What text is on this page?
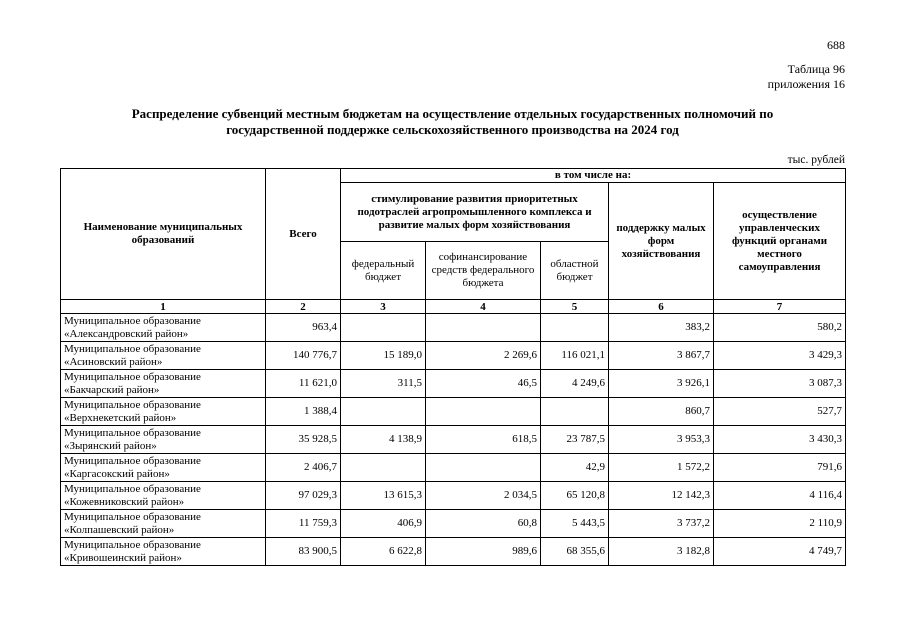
688
Таблица 96
приложения 16
Распределение субвенций местным бюджетам на осуществление отдельных государственных полномочий по
государственной поддержке сельскохозяйственного производства на 2024 год
тыс. рублей
Наименование муниципальных образований	Всего	в том числе на:				
		стимулирование развития приоритетных подотраслей агропромышленного комплекса и развитие малых форм хозяйствования			поддержку малых форм хозяйствования	осуществление управленческих функций органами местного самоуправления
		федеральный бюджет	софинансирование средств федерального бюджета	областной бюджет		
1	2	3	4	5	6	7

Муниципальное образование
«Александровский район»	963,4				383,2	580,2

Муниципальное образование
«Асиновский район»	140 776,7	15 189,0	2 269,6	116 021,1	3 867,7	3 429,3

Муниципальное образование
«Бакчарский район»	11 621,0	311,5	46,5	4 249,6	3 926,1	3 087,3

Муниципальное образование
«Верхнекетский район»	1 388,4				860,7	527,7

Муниципальное образование
«Зырянский район»	35 928,5	4 138,9	618,5	23 787,5	3 953,3	3 430,3

Муниципальное образование
«Каргасокский район»	2 406,7			42,9	1 572,2	791,6

Муниципальное образование
«Кожевниковский район»	97 029,3	13 615,3	2 034,5	65 120,8	12 142,3	4 116,4

Муниципальное образование
«Колпашевский район»	11 759,3	406,9	60,8	5 443,5	3 737,2	2 110,9

Муниципальное образование
«Кривошеинский район»	83 900,5	6 622,8	989,6	68 355,6	3 182,8	4 749,7
